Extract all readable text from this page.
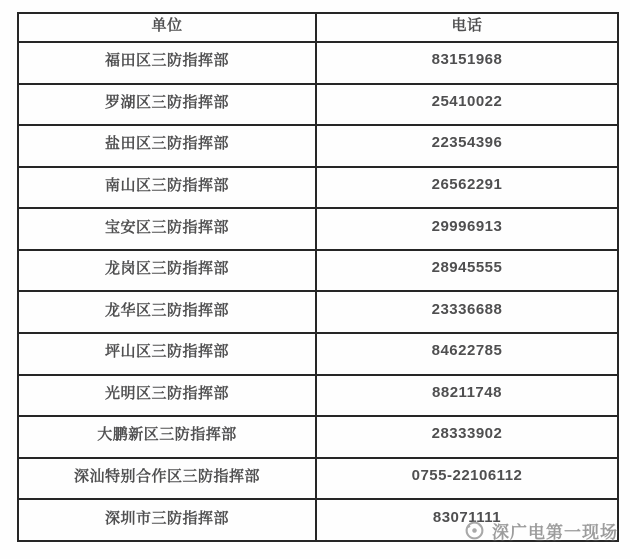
单位	电话
福田区三防指挥部	83151968
罗湖区三防指挥部	25410022
盐田区三防指挥部	22354396
南山区三防指挥部	26562291
宝安区三防指挥部	29996913
龙岗区三防指挥部	28945555
龙华区三防指挥部	23336688
坪山区三防指挥部	84622785
光明区三防指挥部	88211748
大鹏新区三防指挥部	28333902
深汕特别合作区三防指挥部	0755-22106112
深圳市三防指挥部	83071111
深广电第一现场
